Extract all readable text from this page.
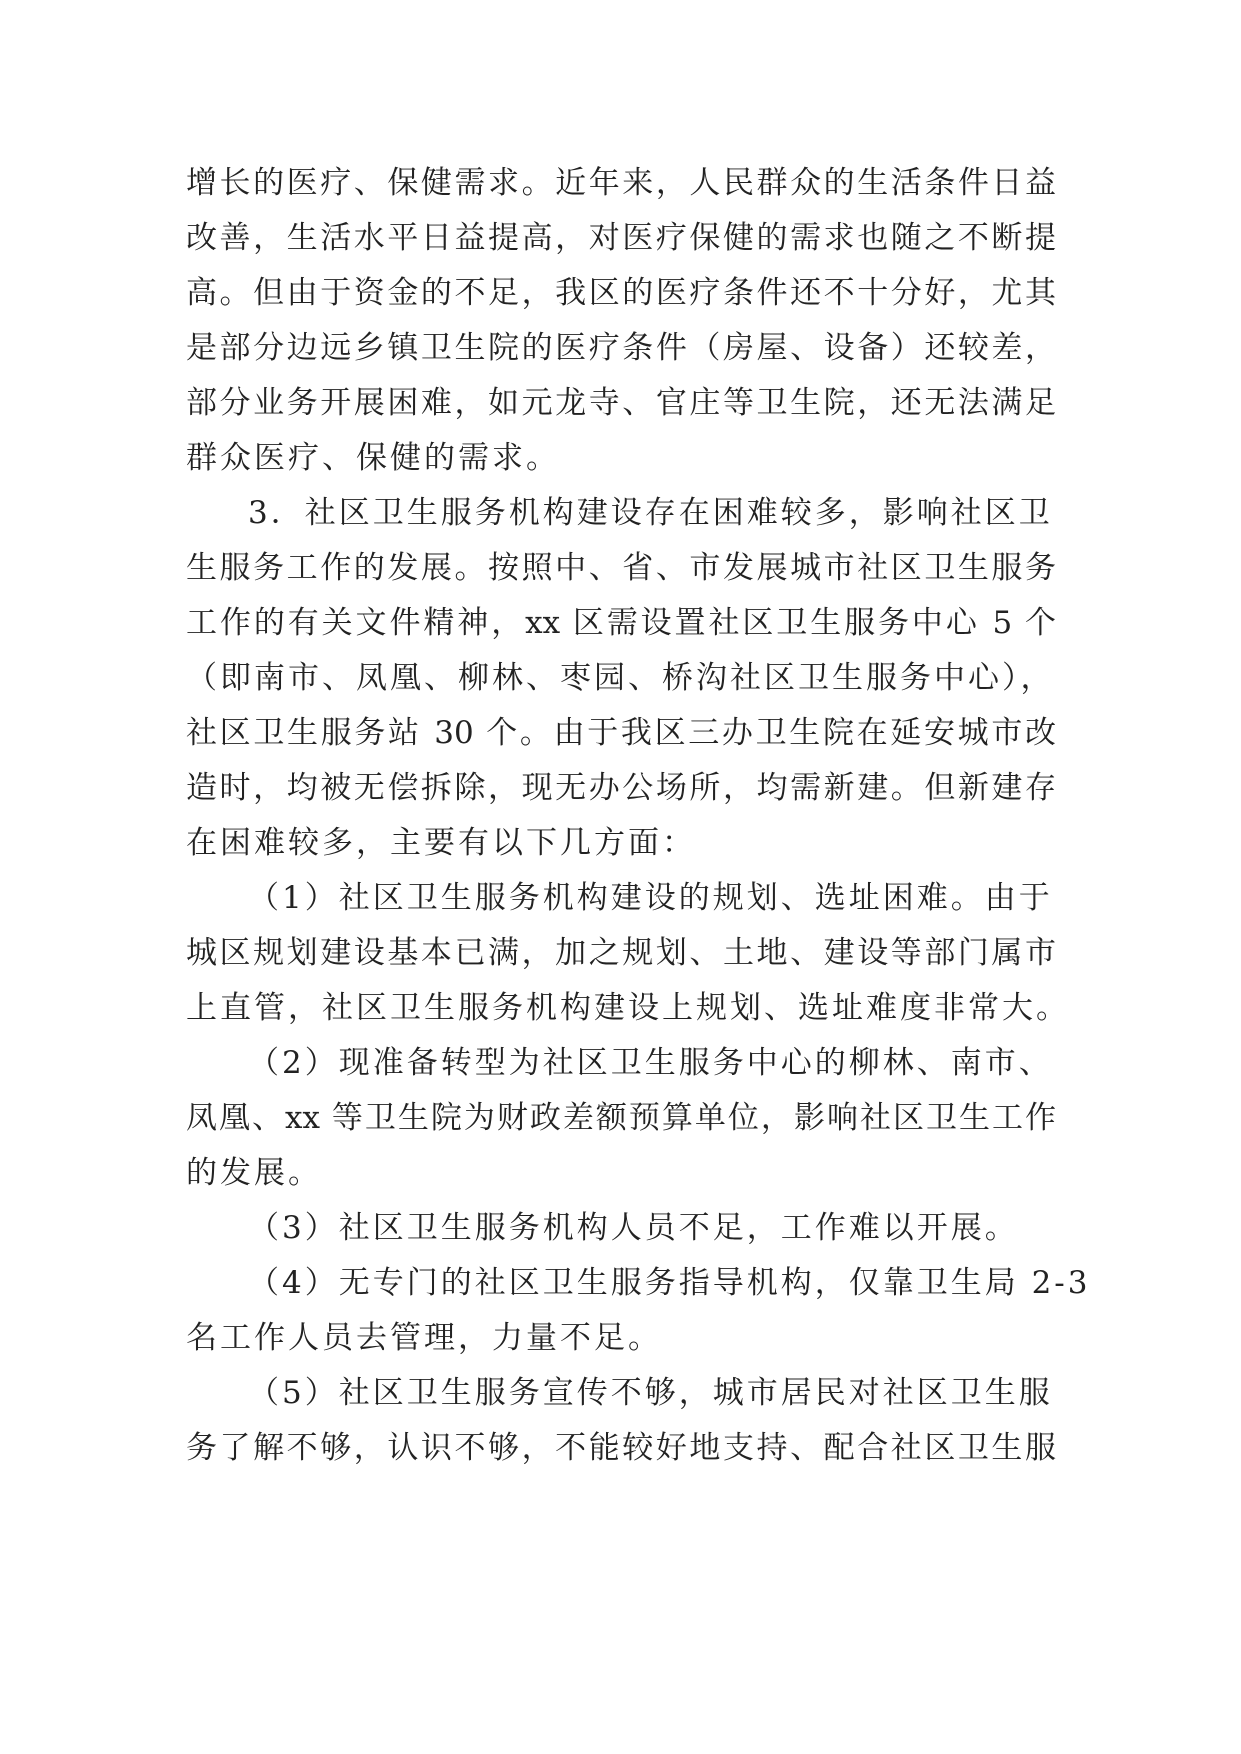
增长的医疗、保健需求。近年来，人民群众的生活条件日益
改善，生活水平日益提高，对医疗保健的需求也随之不断提
高。但由于资金的不足，我区的医疗条件还不十分好，尤其
是部分边远乡镇卫生院的医疗条件（房屋、设备）还较差，
部分业务开展困难，如元龙寺、官庄等卫生院，还无法满足
群众医疗、保健的需求。
3．社区卫生服务机构建设存在困难较多，影响社区卫
生服务工作的发展。按照中、省、市发展城市社区卫生服务
工作的有关文件精神，xx 区需设置社区卫生服务中心 5 个
（即南市、凤凰、柳林、枣园、桥沟社区卫生服务中心），
社区卫生服务站 30 个。由于我区三办卫生院在延安城市改
造时，均被无偿拆除，现无办公场所，均需新建。但新建存
在困难较多，主要有以下几方面：
（1）社区卫生服务机构建设的规划、选址困难。由于
城区规划建设基本已满，加之规划、土地、建设等部门属市
上直管，社区卫生服务机构建设上规划、选址难度非常大。
（2）现准备转型为社区卫生服务中心的柳林、南市、
凤凰、xx 等卫生院为财政差额预算单位，影响社区卫生工作
的发展。
（3）社区卫生服务机构人员不足，工作难以开展。
（4）无专门的社区卫生服务指导机构，仅靠卫生局 2-3
名工作人员去管理，力量不足。
（5）社区卫生服务宣传不够，城市居民对社区卫生服
务了解不够，认识不够，不能较好地支持、配合社区卫生服
